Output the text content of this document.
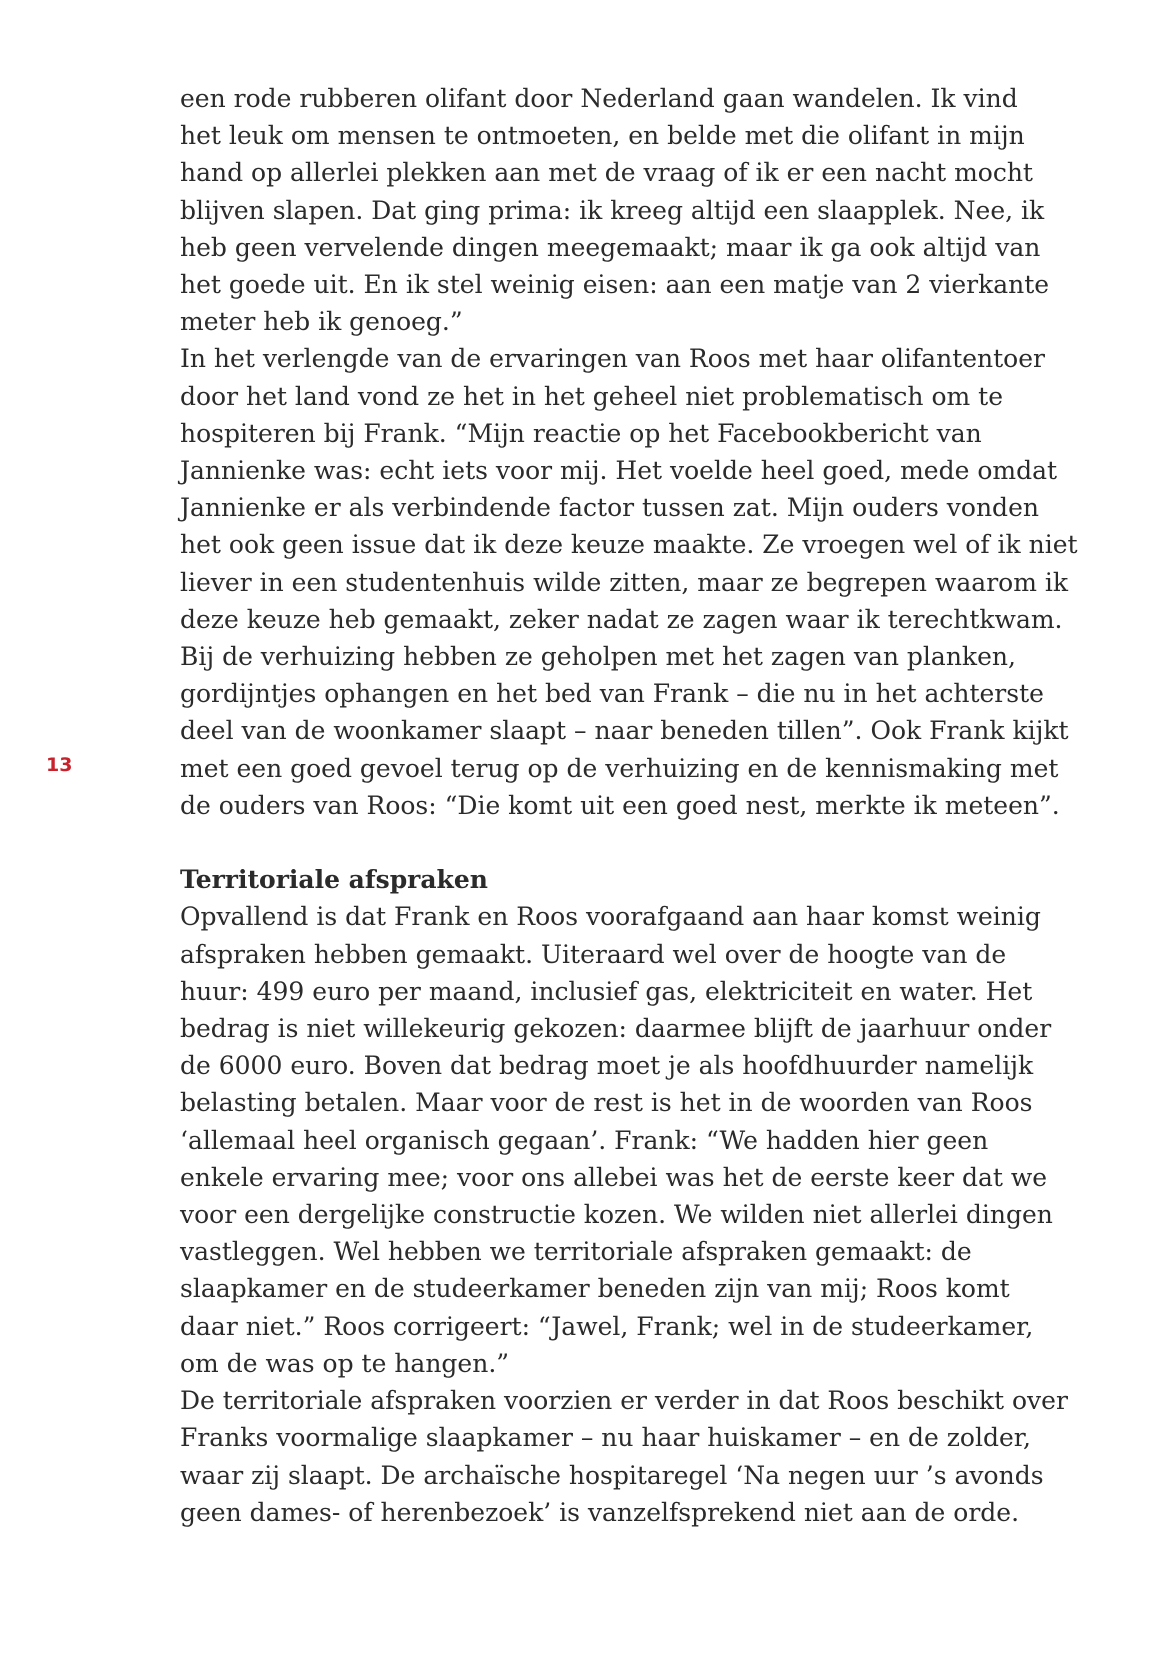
13

een rode rubberen olifant door Nederland gaan wandelen. Ik vind
het leuk om mensen te ontmoeten, en belde met die olifant in mijn
hand op allerlei plekken aan met de vraag of ik er een nacht mocht
blijven slapen. Dat ging prima: ik kreeg altijd een slaapplek. Nee, ik
heb geen vervelende dingen meegemaakt; maar ik ga ook altijd van
het goede uit. En ik stel weinig eisen: aan een matje van 2 vierkante
meter heb ik genoeg.”

In het verlengde van de ervaringen van Roos met haar olifantentoer
door het land vond ze het in het geheel niet problematisch om te
hospiteren bij Frank. “Mijn reactie op het Facebookbericht van
Jannienke was: echt iets voor mij. Het voelde heel goed, mede omdat
Jannienke er als verbindende factor tussen zat. Mijn ouders vonden
het ook geen issue dat ik deze keuze maakte. Ze vroegen wel of ik niet
liever in een studentenhuis wilde zitten, maar ze begrepen waarom ik
deze keuze heb gemaakt, zeker nadat ze zagen waar ik terechtkwam.
Bij de verhuizing hebben ze geholpen met het zagen van planken,
gordijntjes ophangen en het bed van Frank – die nu in het achterste
deel van de woonkamer slaapt – naar beneden tillen”. Ook Frank kijkt
met een goed gevoel terug op de verhuizing en de kennismaking met
de ouders van Roos: “Die komt uit een goed nest, merkte ik meteen”.

Territoriale afspraken

Opvallend is dat Frank en Roos voorafgaand aan haar komst weinig
afspraken hebben gemaakt. Uiteraard wel over de hoogte van de
huur: 499 euro per maand, inclusief gas, elektriciteit en water. Het
bedrag is niet willekeurig gekozen: daarmee blijft de jaarhuur onder
de 6000 euro. Boven dat bedrag moet je als hoofdhuurder namelijk
belasting betalen. Maar voor de rest is het in de woorden van Roos
‘allemaal heel organisch gegaan’. Frank: “We hadden hier geen
enkele ervaring mee; voor ons allebei was het de eerste keer dat we
voor een dergelijke constructie kozen. We wilden niet allerlei dingen
vastleggen. Wel hebben we territoriale afspraken gemaakt: de
slaapkamer en de studeerkamer beneden zijn van mij; Roos komt
daar niet.” Roos corrigeert: “Jawel, Frank; wel in de studeerkamer,
om de was op te hangen.”

De territoriale afspraken voorzien er verder in dat Roos beschikt over
Franks voormalige slaapkamer – nu haar huiskamer – en de zolder,
waar zij slaapt. De archaïsche hospitaregel ‘Na negen uur ’s avonds
geen dames- of herenbezoek’ is vanzelfsprekend niet aan de orde.
